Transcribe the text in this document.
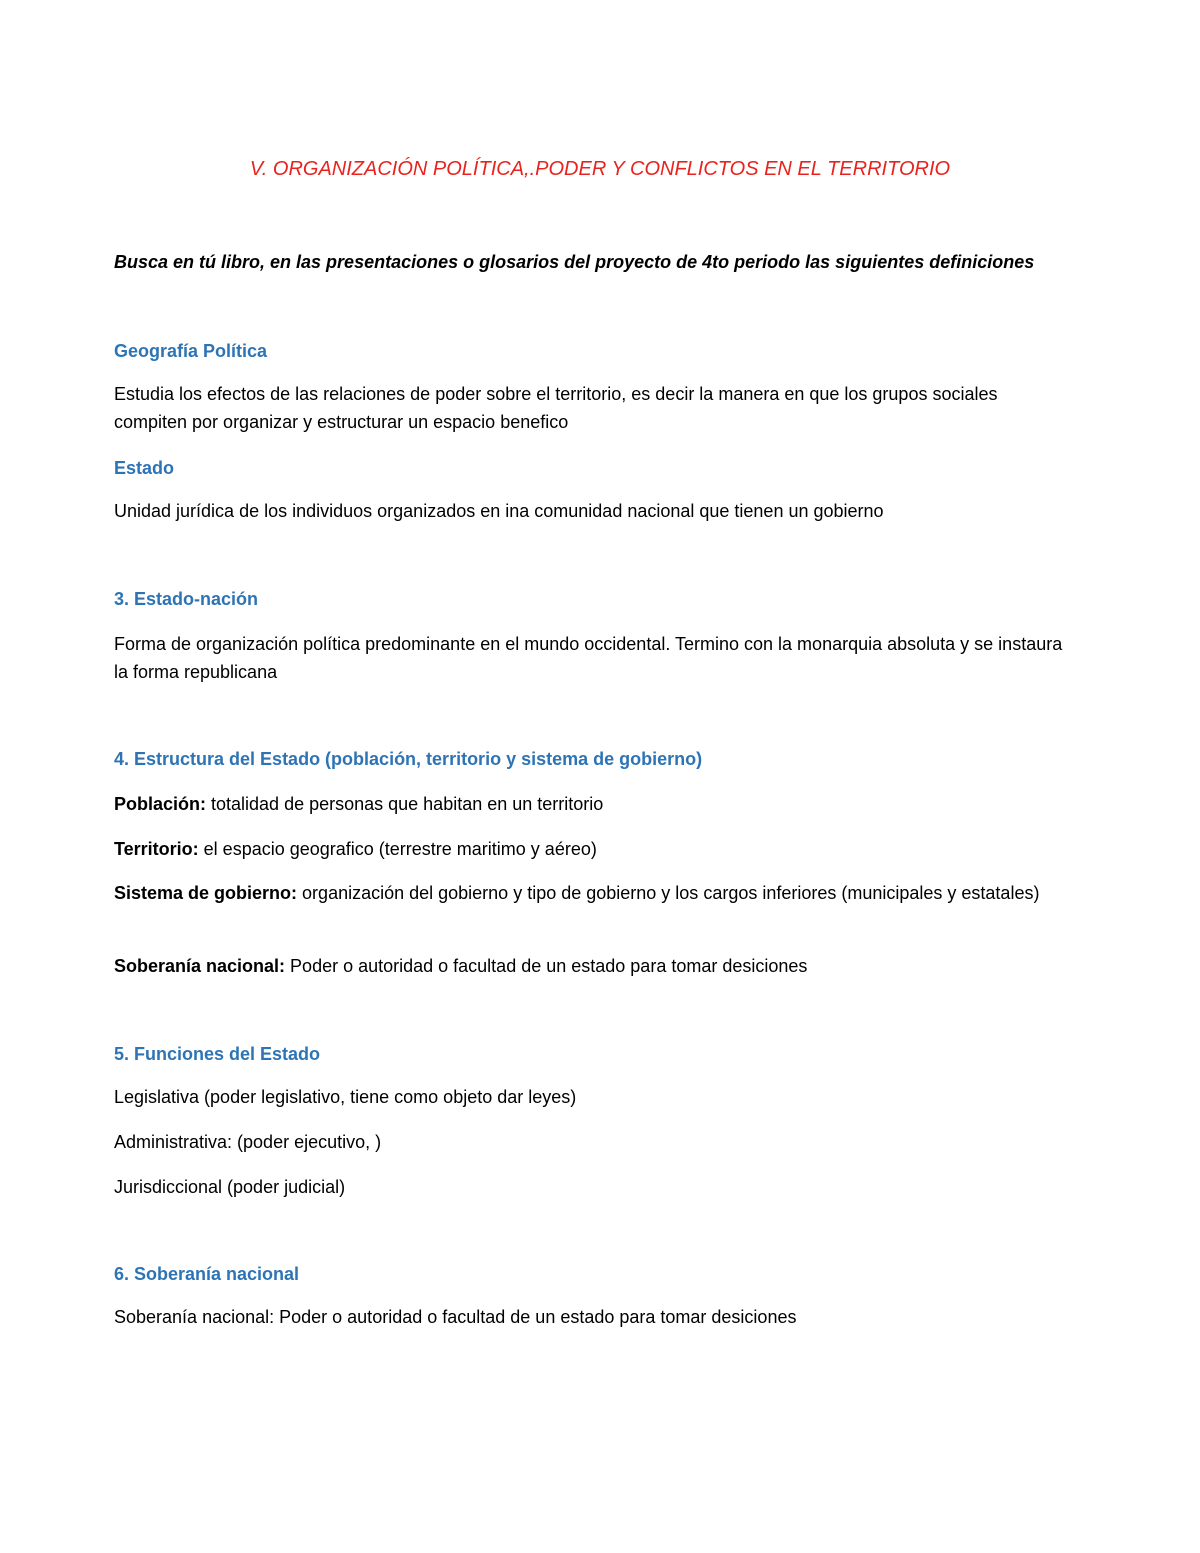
V. ORGANIZACIÓN POLÍTICA,.PODER Y CONFLICTOS EN EL TERRITORIO
Busca en tú libro, en las presentaciones o glosarios del proyecto de 4to periodo las siguientes definiciones
Geografía Política
Estudia los efectos de las relaciones de poder sobre el territorio, es decir la manera en que los grupos sociales compiten por organizar y estructurar un espacio benefico
Estado
Unidad jurídica de los individuos organizados en ina comunidad nacional que tienen un gobierno
3. Estado-nación
Forma de organización política predominante en el mundo occidental. Termino con la monarquia absoluta y se instaura la forma republicana
4. Estructura del Estado (población, territorio y sistema de gobierno)
Población: totalidad de personas que habitan en un territorio
Territorio: el espacio geografico (terrestre maritimo y aéreo)
Sistema de gobierno: organización del gobierno y tipo de gobierno y los cargos inferiores (municipales y estatales)
Soberanía nacional: Poder o autoridad o facultad de un estado para tomar desiciones
5. Funciones del Estado
Legislativa (poder legislativo, tiene como objeto dar leyes)
Administrativa: (poder ejecutivo, )
Jurisdiccional (poder judicial)
6. Soberanía nacional
Soberanía nacional: Poder o autoridad o facultad de un estado para tomar desiciones
